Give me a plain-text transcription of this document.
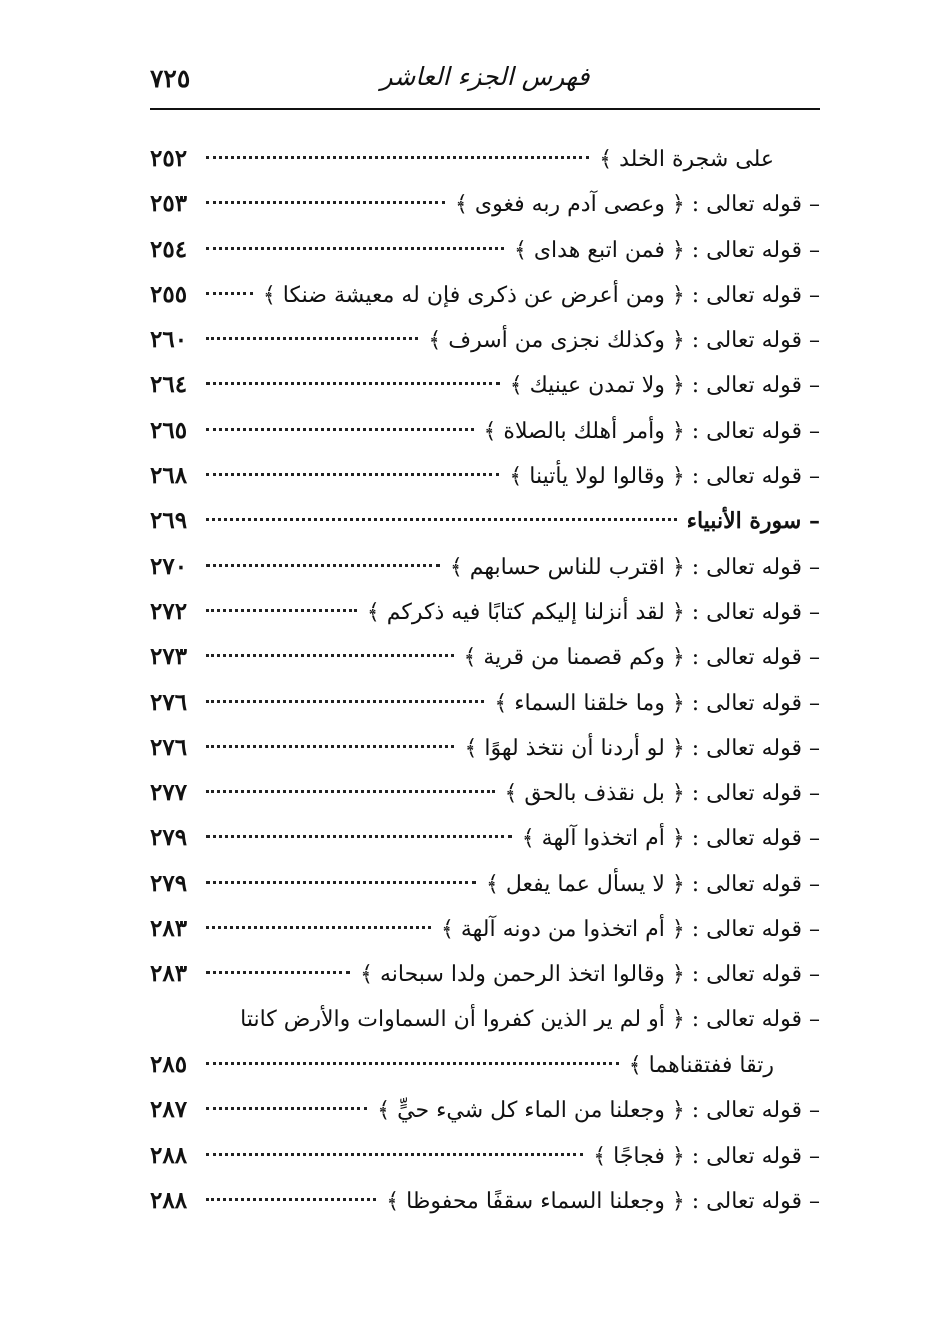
٧٢٥	فهرس الجزء العاشر
على شجرة الخلد ﴾
٢٥٢
– قوله تعالى : ﴿ وعصى آدم ربه فغوى ﴾
٢٥٣
– قوله تعالى : ﴿ فمن اتبع هداى ﴾
٢٥٤
– قوله تعالى : ﴿ ومن أعرض عن ذكرى فإن له معيشة ضنكا ﴾
٢٥٥
– قوله تعالى : ﴿ وكذلك نجزى من أسرف ﴾
٢٦٠
– قوله تعالى : ﴿ ولا تمدن عينيك ﴾
٢٦٤
– قوله تعالى : ﴿ وأمر أهلك بالصلاة ﴾
٢٦٥
– قوله تعالى : ﴿ وقالوا لولا يأتينا ﴾
٢٦٨
– سورة الأنبياء
٢٦٩
– قوله تعالى : ﴿ اقترب للناس حسابهم ﴾
٢٧٠
– قوله تعالى : ﴿ لقد أنزلنا إليكم كتابًا فيه ذكركم ﴾
٢٧٢
– قوله تعالى : ﴿ وكم قصمنا من قرية ﴾
٢٧٣
– قوله تعالى : ﴿ وما خلقنا السماء ﴾
٢٧٦
– قوله تعالى : ﴿ لو أردنا أن نتخذ لهوًا ﴾
٢٧٦
– قوله تعالى : ﴿ بل نقذف بالحق ﴾
٢٧٧
– قوله تعالى : ﴿ أم اتخذوا آلهة ﴾
٢٧٩
– قوله تعالى : ﴿ لا يسأل عما يفعل ﴾
٢٧٩
– قوله تعالى : ﴿ أم اتخذوا من دونه آلهة ﴾
٢٨٣
– قوله تعالى : ﴿ وقالوا اتخذ الرحمن ولدا سبحانه ﴾
٢٨٣
– قوله تعالى : ﴿ أو لم ير الذين كفروا أن السماوات والأرض كانتا
رتقا ففتقناهما ﴾
٢٨٥
– قوله تعالى : ﴿ وجعلنا من الماء كل شيء حيٍّ ﴾
٢٨٧
– قوله تعالى : ﴿ فجاجًا ﴾
٢٨٨
– قوله تعالى : ﴿ وجعلنا السماء سقفًا محفوظا ﴾
٢٨٨
